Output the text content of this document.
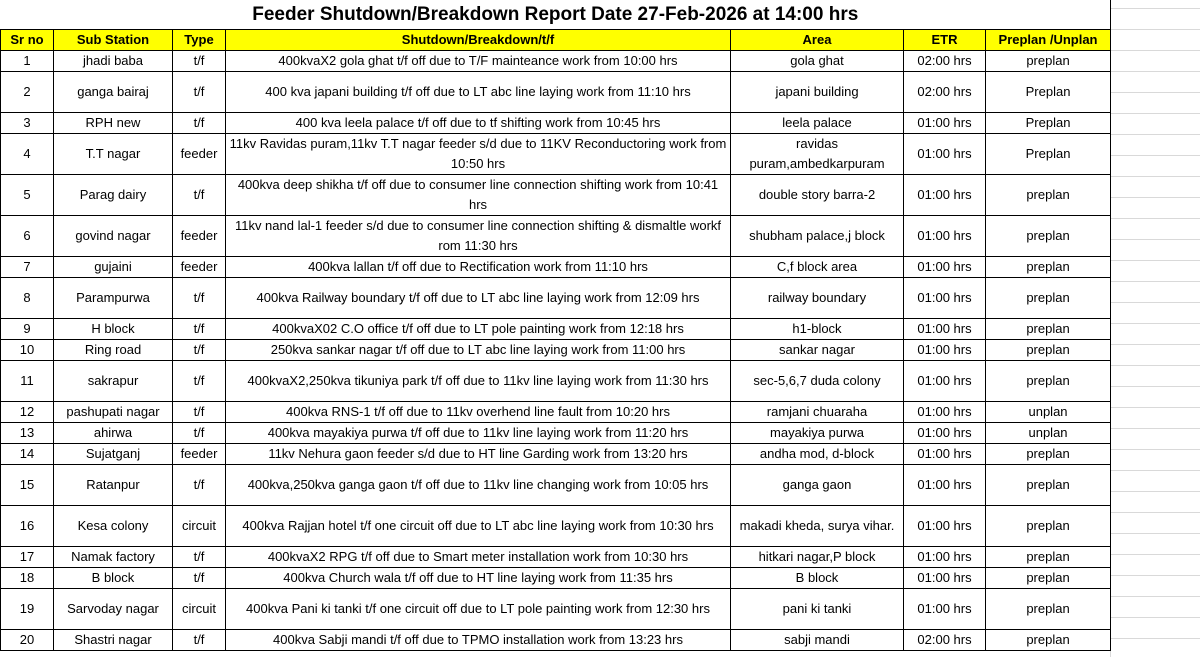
Feeder Shutdown/Breakdown Report Date 27-Feb-2026 at 14:00 hrs						
Sr no	Sub Station	Type	Shutdown/Breakdown/t/f	Area	ETR	Preplan /Unplan
1	jhadi baba	t/f	400kvaX2 gola ghat t/f off due to T/F mainteance work from 10:00 hrs	gola ghat	02:00 hrs	preplan
2	ganga bairaj	t/f	400 kva japani building t/f off due to LT abc line laying work from 11:10 hrs	japani building	02:00 hrs	Preplan
3	RPH new	t/f	400 kva leela palace t/f off due to tf shifting work from 10:45 hrs	leela palace	01:00 hrs	Preplan
4	T.T nagar	feeder	11kv Ravidas puram,11kv T.T nagar feeder s/d due to 11KV Reconductoring work from 10:50 hrs	ravidas puram,ambedkarpuram	01:00 hrs	Preplan
5	Parag dairy	t/f	400kva deep shikha t/f off due to consumer line connection shifting work from 10:41 hrs	double story barra-2	01:00 hrs	preplan
6	govind nagar	feeder	11kv nand lal-1 feeder s/d due to consumer line connection shifting & dismaltle workf rom 11:30 hrs	shubham palace,j block	01:00 hrs	preplan
7	gujaini	feeder	400kva lallan t/f off due to Rectification work from 11:10 hrs	C,f block area	01:00 hrs	preplan
8	Parampurwa	t/f	400kva Railway boundary t/f off due to LT abc line laying work from 12:09 hrs	railway boundary	01:00 hrs	preplan
9	H block	t/f	400kvaX02 C.O office t/f off due to LT pole painting work from 12:18 hrs	h1-block	01:00 hrs	preplan
10	Ring road	t/f	250kva sankar nagar t/f off due to LT abc line laying work from 11:00 hrs	sankar nagar	01:00 hrs	preplan
11	sakrapur	t/f	400kvaX2,250kva tikuniya park t/f off due to 11kv line laying work from 11:30 hrs	sec-5,6,7 duda colony	01:00 hrs	preplan
12	pashupati nagar	t/f	400kva RNS-1 t/f off due to 11kv overhend line fault from 10:20 hrs	ramjani chuaraha	01:00 hrs	unplan
13	ahirwa	t/f	400kva mayakiya purwa t/f off due to 11kv line laying work from 11:20 hrs	mayakiya purwa	01:00 hrs	unplan
14	Sujatganj	feeder	11kv Nehura gaon feeder s/d due to HT line Garding work from 13:20 hrs	andha mod, d-block	01:00 hrs	preplan
15	Ratanpur	t/f	400kva,250kva ganga gaon t/f off due to 11kv line changing work from 10:05 hrs	ganga gaon	01:00 hrs	preplan
16	Kesa colony	circuit	400kva Rajjan hotel t/f one circuit off due to LT abc line laying work from 10:30 hrs	makadi kheda, surya vihar.	01:00 hrs	preplan
17	Namak factory	t/f	400kvaX2 RPG t/f off due to Smart meter installation work from 10:30 hrs	hitkari nagar,P block	01:00 hrs	preplan
18	B block	t/f	400kva Church wala t/f off due to HT line laying work from 11:35 hrs	B block	01:00 hrs	preplan
19	Sarvoday nagar	circuit	400kva Pani ki tanki t/f one circuit off due to LT pole painting work from 12:30 hrs	pani ki tanki	01:00 hrs	preplan
20	Shastri nagar	t/f	400kva Sabji mandi t/f off due to TPMO installation work from 13:23 hrs	sabji mandi	02:00 hrs	preplan
